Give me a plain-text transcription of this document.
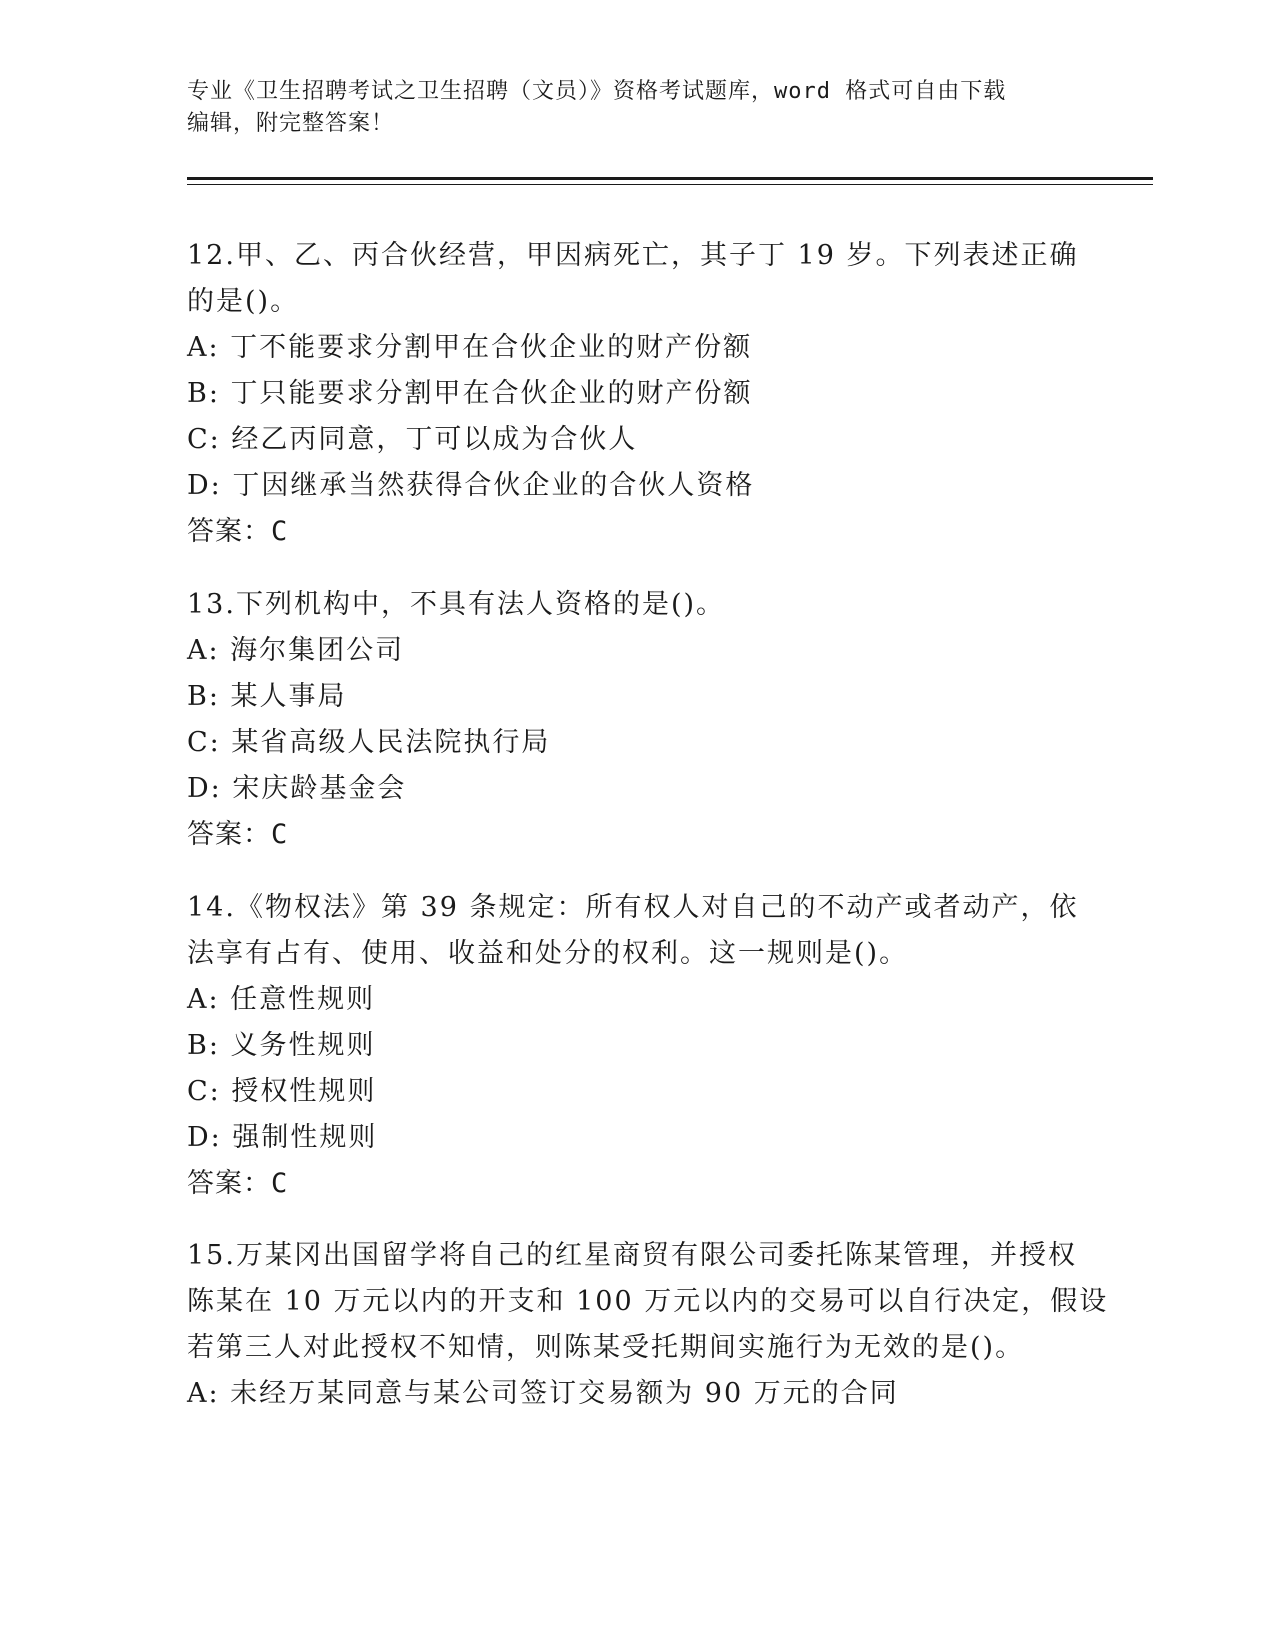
专业《卫生招聘考试之卫生招聘（文员）》资格考试题库，word 格式可自由下载
编辑，附完整答案！
12.甲、乙、丙合伙经营，甲因病死亡，其子丁 19 岁。下列表述正确
的是()。
A: 丁不能要求分割甲在合伙企业的财产份额
B: 丁只能要求分割甲在合伙企业的财产份额
C: 经乙丙同意，丁可以成为合伙人
D: 丁因继承当然获得合伙企业的合伙人资格
答案：C
13.下列机构中，不具有法人资格的是()。
A: 海尔集团公司
B: 某人事局
C: 某省高级人民法院执行局
D: 宋庆龄基金会
答案：C
14.《物权法》第 39 条规定：所有权人对自己的不动产或者动产，依
法享有占有、使用、收益和处分的权利。这一规则是()。
A: 任意性规则
B: 义务性规则
C: 授权性规则
D: 强制性规则
答案：C
15.万某冈出国留学将自己的红星商贸有限公司委托陈某管理，并授权
陈某在 10 万元以内的开支和 100 万元以内的交易可以自行决定，假设
若第三人对此授权不知情，则陈某受托期间实施行为无效的是()。
A: 未经万某同意与某公司签订交易额为 90 万元的合同
